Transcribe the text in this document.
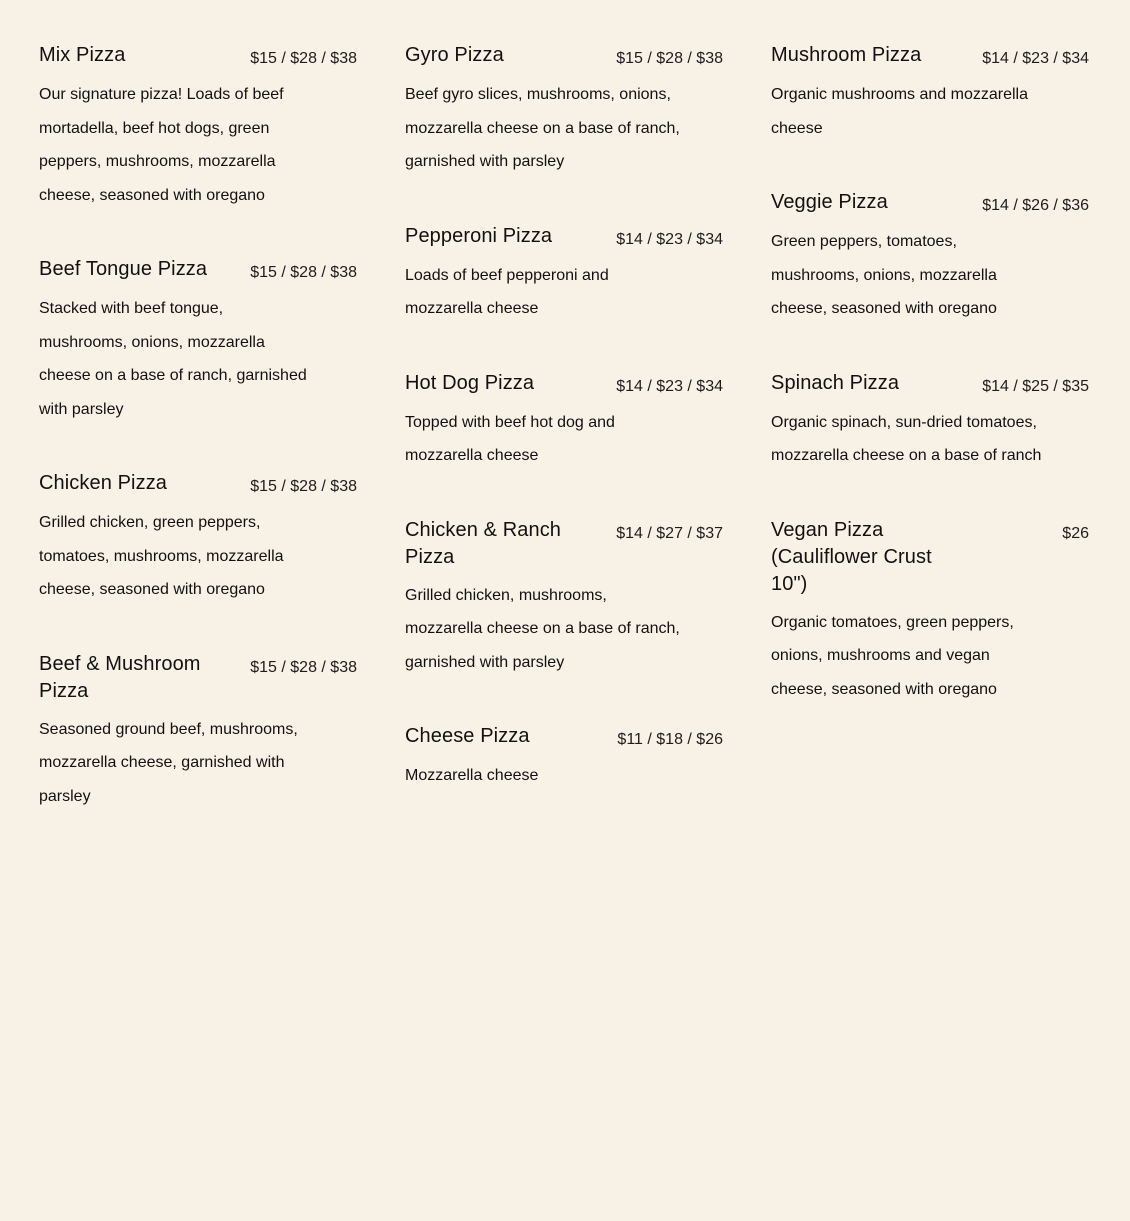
Mix Pizza	$15 / $28 / $38
Our signature pizza! Loads of beef mortadella, beef hot dogs, green peppers, mushrooms, mozzarella cheese, seasoned with oregano
Beef Tongue Pizza	$15 / $28 / $38
Stacked with beef tongue, mushrooms, onions, mozzarella cheese on a base of ranch, garnished with parsley
Chicken Pizza	$15 / $28 / $38
Grilled chicken, green peppers, tomatoes, mushrooms, mozzarella cheese, seasoned with oregano
Beef & Mushroom Pizza
$15 / $28 / $38
Seasoned ground beef, mushrooms, mozzarella cheese, garnished with parsley
Gyro Pizza	$15 / $28 / $38
Beef gyro slices, mushrooms, onions, mozzarella cheese on a base of ranch, garnished with parsley
Pepperoni Pizza	$14 / $23 / $34
Loads of beef pepperoni and mozzarella cheese
Hot Dog Pizza	$14 / $23 / $34
Topped with beef hot dog and mozzarella cheese
Chicken & Ranch Pizza
$14 / $27 / $37
Grilled chicken, mushrooms, mozzarella cheese on a base of ranch, garnished with parsley
Cheese Pizza	$11 / $18 / $26
Mozzarella cheese
Mushroom Pizza	$14 / $23 / $34
Organic mushrooms and mozzarella cheese
Veggie Pizza	$14 / $26 / $36
Green peppers, tomatoes, mushrooms, onions, mozzarella cheese, seasoned with oregano
Spinach Pizza	$14 / $25 / $35
Organic spinach, sun-dried tomatoes, mozzarella cheese on a base of ranch
Vegan Pizza (Cauliflower Crust 10")
$26
Organic tomatoes, green peppers, onions, mushrooms and vegan cheese, seasoned with oregano
